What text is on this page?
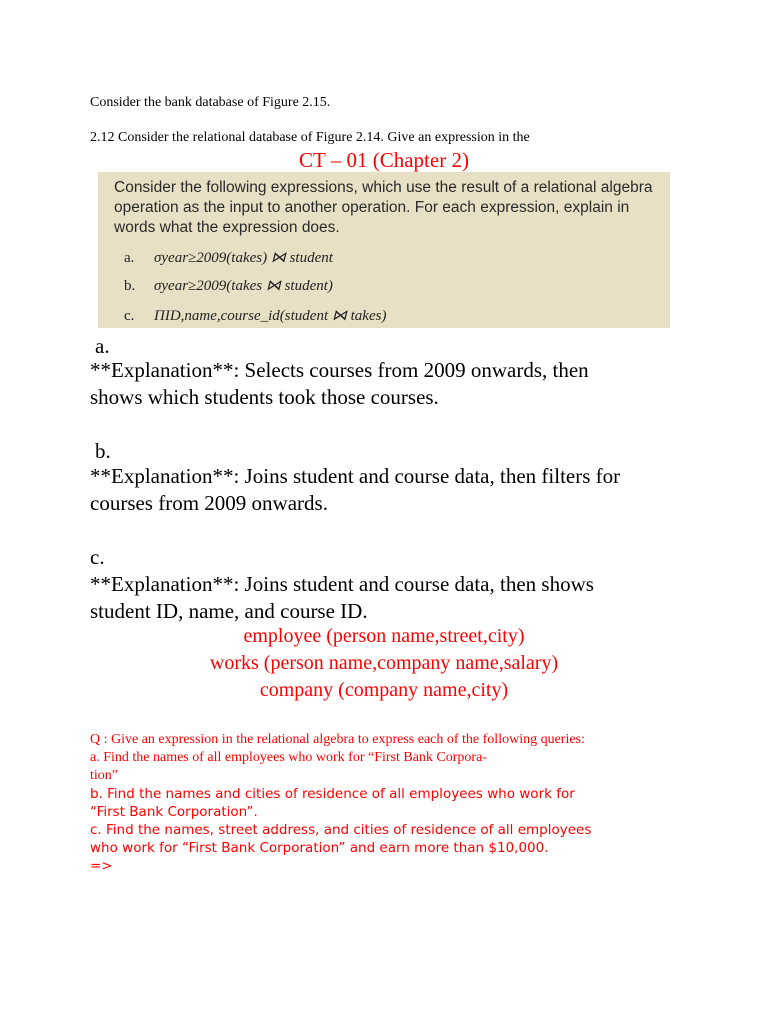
Consider the bank database of Figure 2.15.
2.12 Consider the relational database of Figure 2.14. Give an expression in the
CT – 01 (Chapter 2)
Consider the following expressions, which use the result of a relational algebra operation as the input to another operation. For each expression, explain in words what the expression does.
a. σyear≥2009(takes) ⋈ student
b. σyear≥2009(takes ⋈ student)
c. ΠID,name,course_id(student ⋈ takes)
a.
**Explanation**: Selects courses from 2009 onwards, then
shows which students took those courses.
b.
**Explanation**: Joins student and course data, then filters for
courses from 2009 onwards.
c.
**Explanation**: Joins student and course data, then shows
student ID, name, and course ID.
employee (person name,street,city)
works (person name,company name,salary)
company (company name,city)
Q : Give an expression in the relational algebra to express each of the following queries:
a. Find the names of all employees who work for “First Bank Corpora-
tion”
b. Find the names and cities of residence of all employees who work for
“First Bank Corporation”.
c. Find the names, street address, and cities of residence of all employees
who work for “First Bank Corporation” and earn more than $10,000.
=>
